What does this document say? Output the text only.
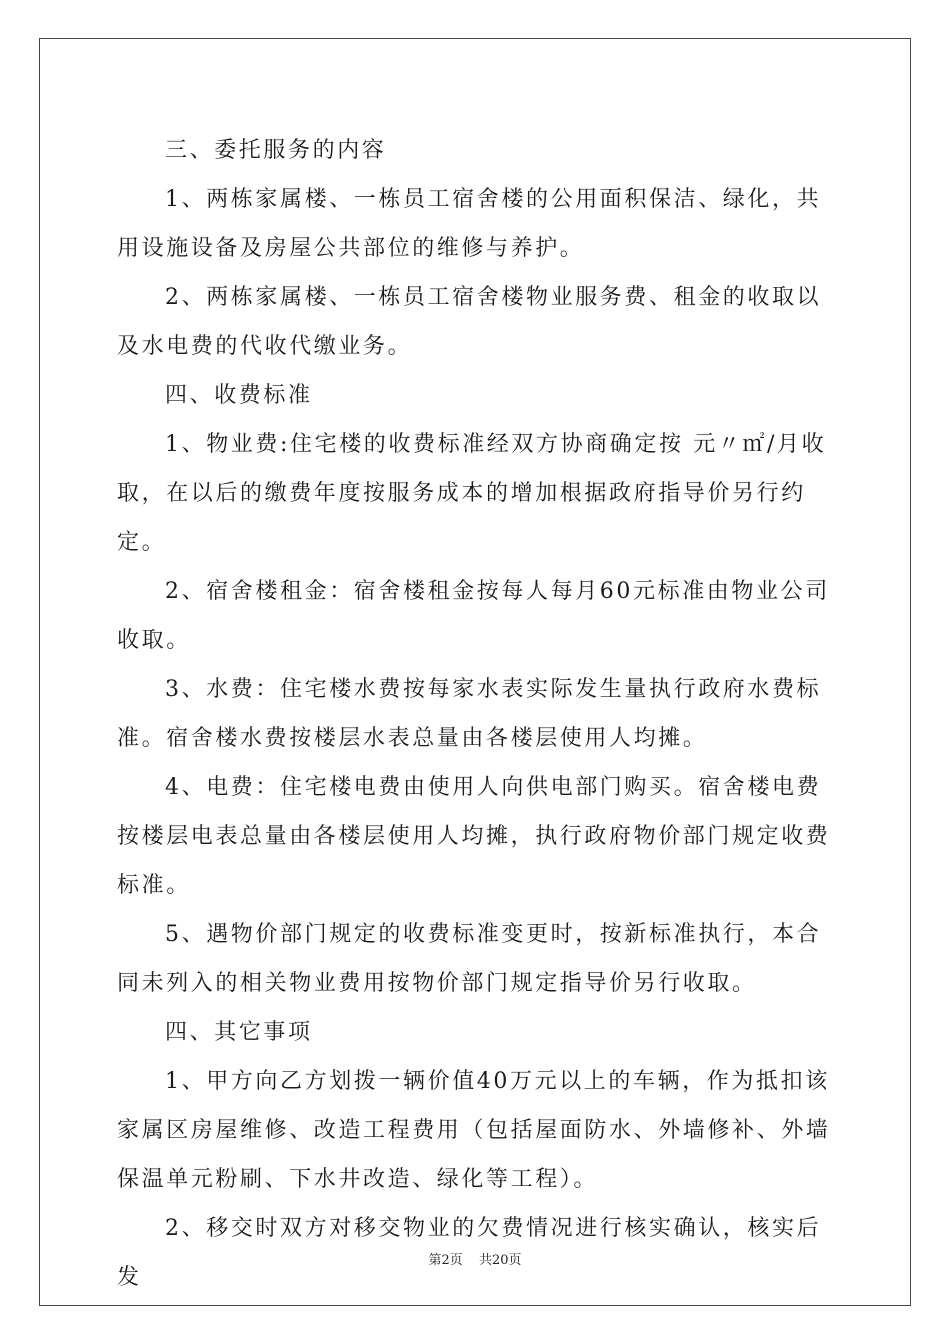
三、委托服务的内容

1、两栋家属楼、一栋员工宿舍楼的公用面积保洁、绿化，共用设施设备及房屋公共部位的维修与养护。

2、两栋家属楼、一栋员工宿舍楼物业服务费、租金的收取以及水电费的代收代缴业务。

四、收费标准

1、物业费:住宅楼的收费标准经双方协商确定按 元〃㎡/月收取，在以后的缴费年度按服务成本的增加根据政府指导价另行约定。

2、宿舍楼租金：宿舍楼租金按每人每月60元标准由物业公司收取。

3、水费：住宅楼水费按每家水表实际发生量执行政府水费标准。宿舍楼水费按楼层水表总量由各楼层使用人均摊。

4、电费：住宅楼电费由使用人向供电部门购买。宿舍楼电费按楼层电表总量由各楼层使用人均摊，执行政府物价部门规定收费标准。

5、遇物价部门规定的收费标准变更时，按新标准执行，本合同未列入的相关物业费用按物价部门规定指导价另行收取。

四、其它事项

1、甲方向乙方划拨一辆价值40万元以上的车辆，作为抵扣该家属区房屋维修、改造工程费用（包括屋面防水、外墙修补、外墙保温单元粉刷、下水井改造、绿化等工程）。

2、移交时双方对移交物业的欠费情况进行核实确认，核实后发

第2页 共20页
